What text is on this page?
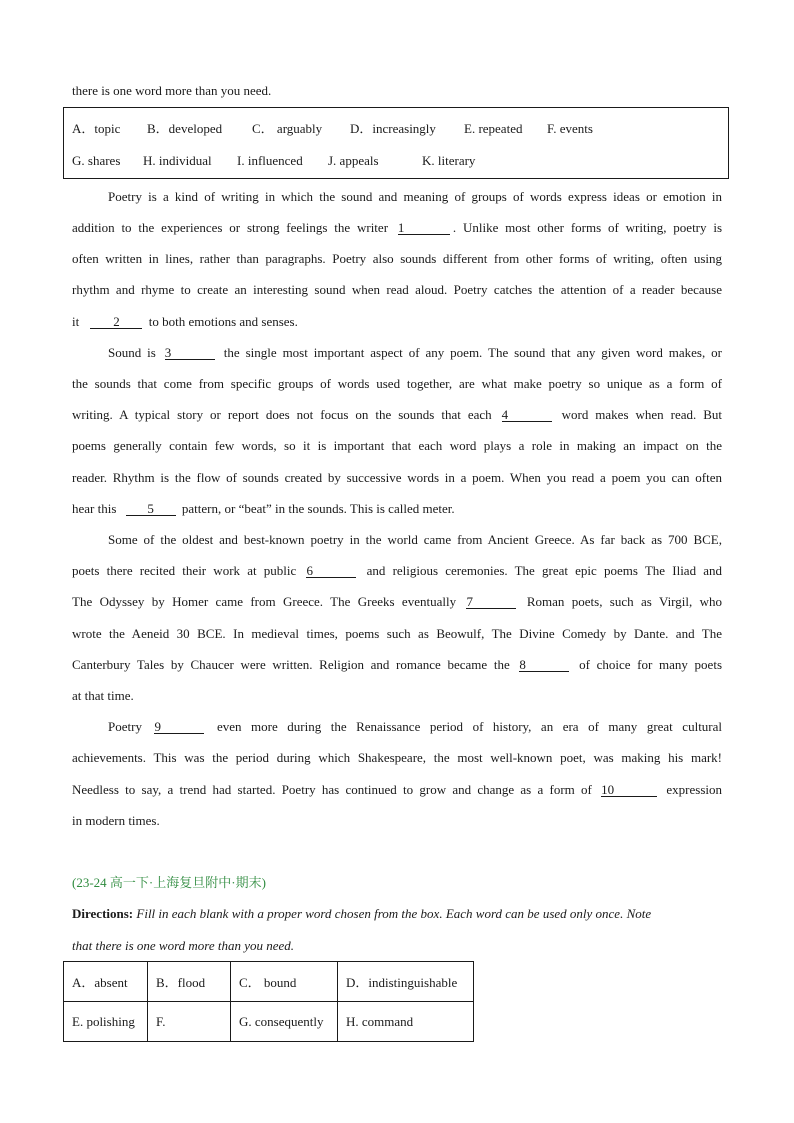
there is one word more than you need.
A．topic B．developed C． arguably D．increasingly E. repeated F. events
G. shares H. individual I. influenced J. appeals	K. literary
Poetry is a kind of writing in which the sound and meaning of groups of words express ideas or emotion in
addition to the experiences or strong feelings the writer 1	. Unlike most other forms of writing, poetry is
often written in lines, rather than paragraphs. Poetry also sounds different from other forms of writing, often using
rhythm and rhyme to create an interesting sound when read aloud. Poetry catches the attention of a reader because
it	2 to both emotions and senses.
Sound is 3	the single most important aspect of any poem. The sound that any given word makes, or
the sounds that come from specific groups of words used together, are what make poetry so unique as a form of
writing. A typical story or report does not focus on the sounds that each 4	word makes when read. But
poems generally contain few words, so it is important that each word plays a role in making an impact on the
reader. Rhythm is the flow of sounds created by successive words in a poem. When you read a poem you can often
hear this 5 pattern, or “beat” in the sounds. This is called meter.
Some of the oldest and best-known poetry in the world came from Ancient Greece. As far back as 700 BCE,
poets there recited their work at public 6	and religious ceremonies. The great epic poems The Iliad and
The Odyssey by Homer came from Greece. The Greeks eventually 7	Roman poets, such as Virgil, who
wrote the Aeneid 30 BCE. In medieval times, poems such as Beowulf, The Divine Comedy by Dante. and The
Canterbury Tales by Chaucer were written. Religion and romance became the 8	of choice for many poets
at that time.
Poetry 9	even more during the Renaissance period of history, an era of many great cultural
achievements. This was the period during which Shakespeare, the most well-known poet, was making his mark!
Needless to say, a trend had started. Poetry has continued to grow and change as a form of 10	expression
in modern times.
(23-24 高一下·上海复旦附中·期末)
Directions: Fill in each blank with a proper word chosen from the box. Each word can be used only once. Note
that there is one word more than you need.
A．absent	B．flood	C． bound	D．indistinguishable
E. polishing	F.	G. consequently	H. command
